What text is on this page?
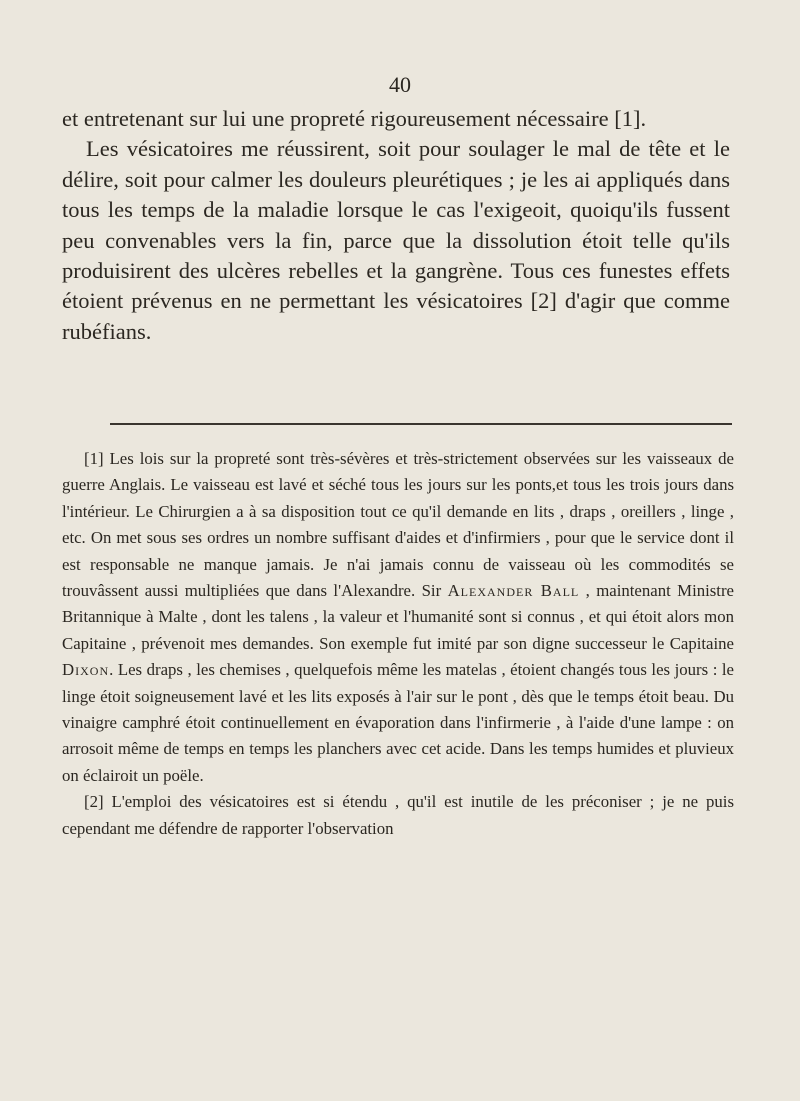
40

et entretenant sur lui une propreté rigoureusement nécessaire [1].

Les vésicatoires me réussirent, soit pour soulager le mal de tête et le délire, soit pour calmer les douleurs pleurétiques ; je les ai appliqués dans tous les temps de la maladie lorsque le cas l'exigeoit, quoiqu'ils fussent peu convenables vers la fin, parce que la dissolution étoit telle qu'ils produisirent des ulcères rebelles et la gangrène. Tous ces funestes effets étoient prévenus en ne permettant les vésicatoires [2] d'agir que comme rubéfians.

[1] Les lois sur la propreté sont très-sévères et très-strictement observées sur les vaisseaux de guerre Anglais. Le vaisseau est lavé et séché tous les jours sur les ponts,et tous les trois jours dans l'intérieur. Le Chirurgien a à sa disposition tout ce qu'il demande en lits , draps , oreillers , linge , etc. On met sous ses ordres un nombre suffisant d'aides et d'infirmiers , pour que le service dont il est responsable ne manque jamais. Je n'ai jamais connu de vaisseau où les commodités se trouvâssent aussi multipliées que dans l'Alexandre. Sir Alexander Ball , maintenant Ministre Britannique à Malte , dont les talens , la valeur et l'humanité sont si connus , et qui étoit alors mon Capitaine , prévenoit mes demandes. Son exemple fut imité par son digne successeur le Capitaine Dixon. Les draps , les chemises , quelquefois même les matelas , étoient changés tous les jours : le linge étoit soigneusement lavé et les lits exposés à l'air sur le pont , dès que le temps étoit beau. Du vinaigre camphré étoit continuellement en évaporation dans l'infirmerie , à l'aide d'une lampe : on arrosoit même de temps en temps les planchers avec cet acide. Dans les temps humides et pluvieux on éclairoit un poële.

[2] L'emploi des vésicatoires est si étendu , qu'il est inutile de les préconiser ; je ne puis cependant me défendre de rapporter l'observation
